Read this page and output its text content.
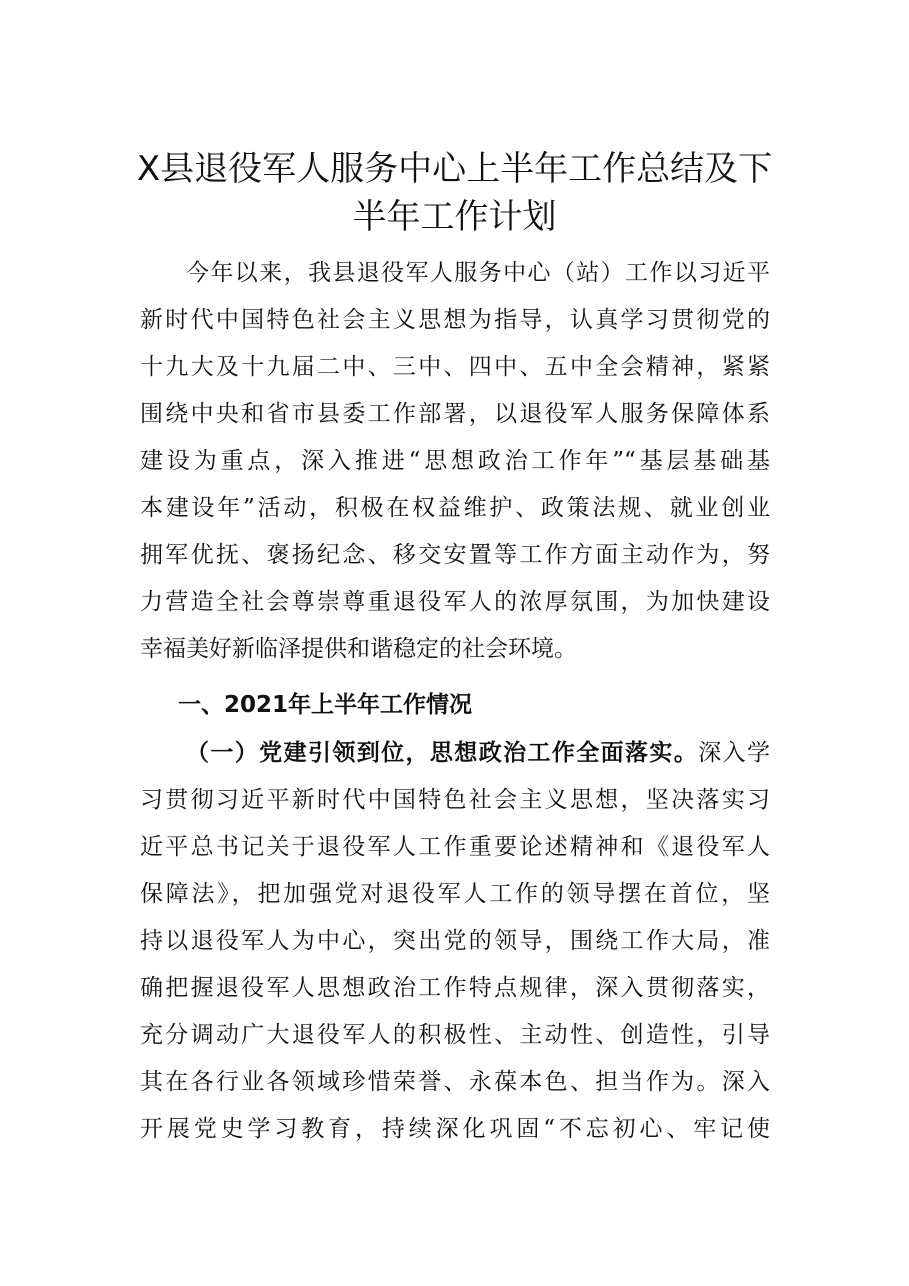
X县退役军人服务中心上半年工作总结及下
半年工作计划

今年以来，我县退役军人服务中心（站）工作以习近平

新时代中国特色社会主义思想为指导，认真学习贯彻党的

十九大及十九届二中、三中、四中、五中全会精神，紧紧

围绕中央和省市县委工作部署，以退役军人服务保障体系

建设为重点，深入推进“思想政治工作年”“基层基础基

本建设年”活动，积极在权益维护、政策法规、就业创业

拥军优抚、褒扬纪念、移交安置等工作方面主动作为，努

力营造全社会尊崇尊重退役军人的浓厚氛围，为加快建设

幸福美好新临泽提供和谐稳定的社会环境。

一、2021年上半年工作情况

（一）党建引领到位，思想政治工作全面落实。深入学

习贯彻习近平新时代中国特色社会主义思想，坚决落实习

近平总书记关于退役军人工作重要论述精神和《退役军人

保障法》，把加强党对退役军人工作的领导摆在首位，坚

持以退役军人为中心，突出党的领导，围绕工作大局，准

确把握退役军人思想政治工作特点规律，深入贯彻落实，

充分调动广大退役军人的积极性、主动性、创造性，引导

其在各行业各领域珍惜荣誉、永葆本色、担当作为。深入

开展党史学习教育，持续深化巩固“不忘初心、牢记使
